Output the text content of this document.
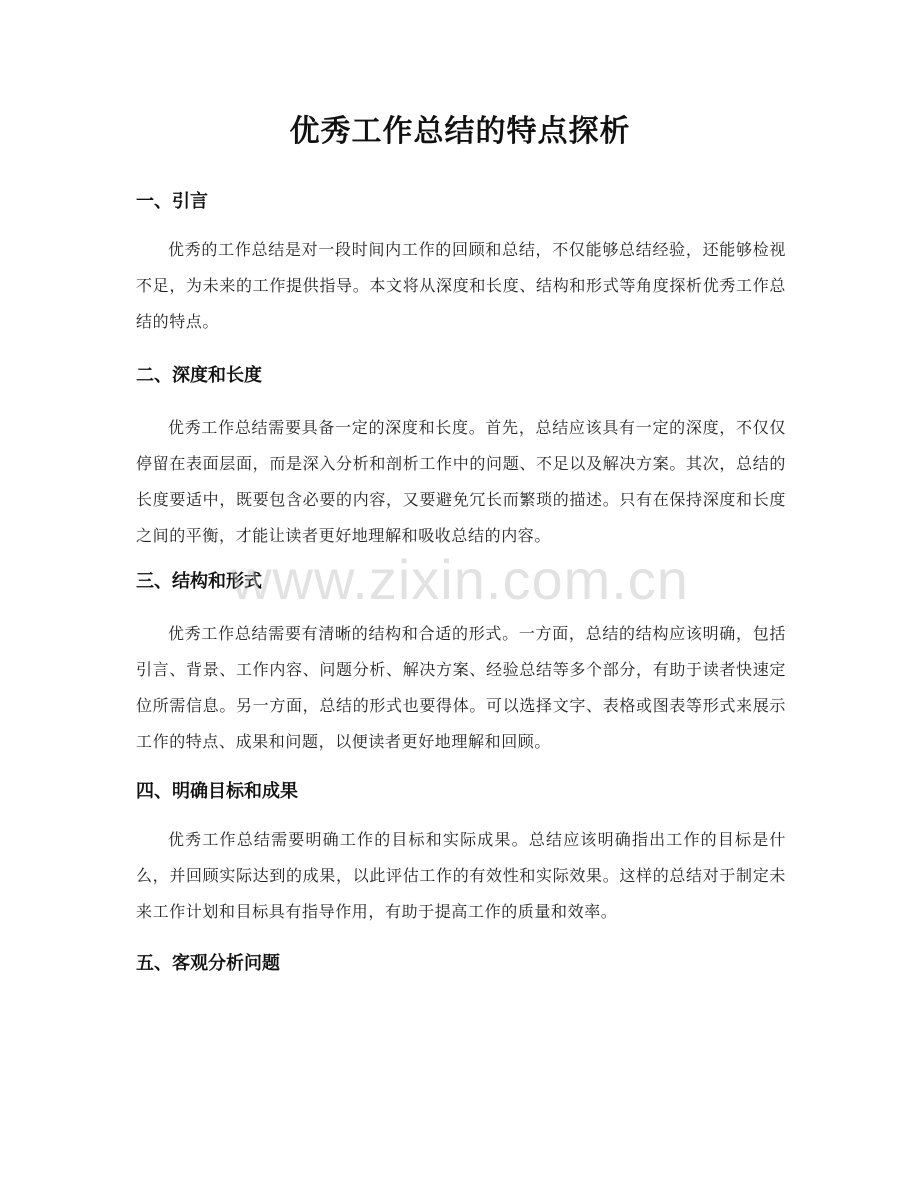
优秀工作总结的特点探析
一、引言

优秀的工作总结是对一段时间内工作的回顾和总结，不仅能够总结经验，还能够检视不足，为未来的工作提供指导。本文将从深度和长度、结构和形式等角度探析优秀工作总结的特点。

二、深度和长度

优秀工作总结需要具备一定的深度和长度。首先，总结应该具有一定的深度，不仅仅停留在表面层面，而是深入分析和剖析工作中的问题、不足以及解决方案。其次，总结的长度要适中，既要包含必要的内容，又要避免冗长而繁琐的描述。只有在保持深度和长度之间的平衡，才能让读者更好地理解和吸收总结的内容。

三、结构和形式

优秀工作总结需要有清晰的结构和合适的形式。一方面，总结的结构应该明确，包括引言、背景、工作内容、问题分析、解决方案、经验总结等多个部分，有助于读者快速定位所需信息。另一方面，总结的形式也要得体。可以选择文字、表格或图表等形式来展示工作的特点、成果和问题，以便读者更好地理解和回顾。

四、明确目标和成果

优秀工作总结需要明确工作的目标和实际成果。总结应该明确指出工作的目标是什么，并回顾实际达到的成果，以此评估工作的有效性和实际效果。这样的总结对于制定未来工作计划和目标具有指导作用，有助于提高工作的质量和效率。

五、客观分析问题
www.zixin.com.cn
